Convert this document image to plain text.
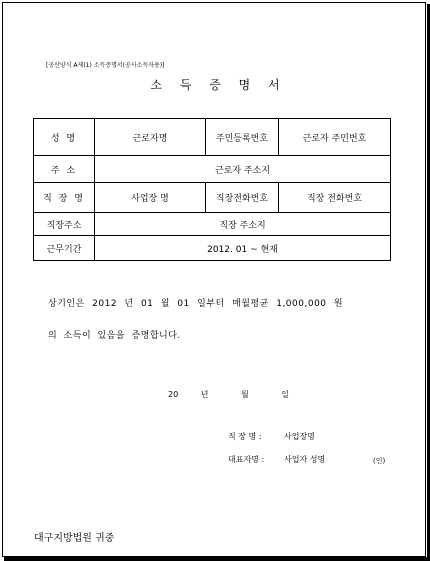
[공산양식 A제(1) 소득증명서(공사소득자용)]
소 득 증 명 서
성 명	근로자명	주민등록번호	근로자 주민번호
주 소	근로자 주소지		
직 장 명	사업장 명	직장전화번호	직장 전화번호
직장주소	직장 주소지		
근무기간	2012. 01 ~ 현재		
상기인은 2012 년 01 월 01 일부터 매월평균 1,000,000 원
의 소득이 있음을 증명합니다.
20	년	월	일
직 장 명 :	사업장명
대표자명 : 사업자 성명	(인)
대구지방법원 귀중
